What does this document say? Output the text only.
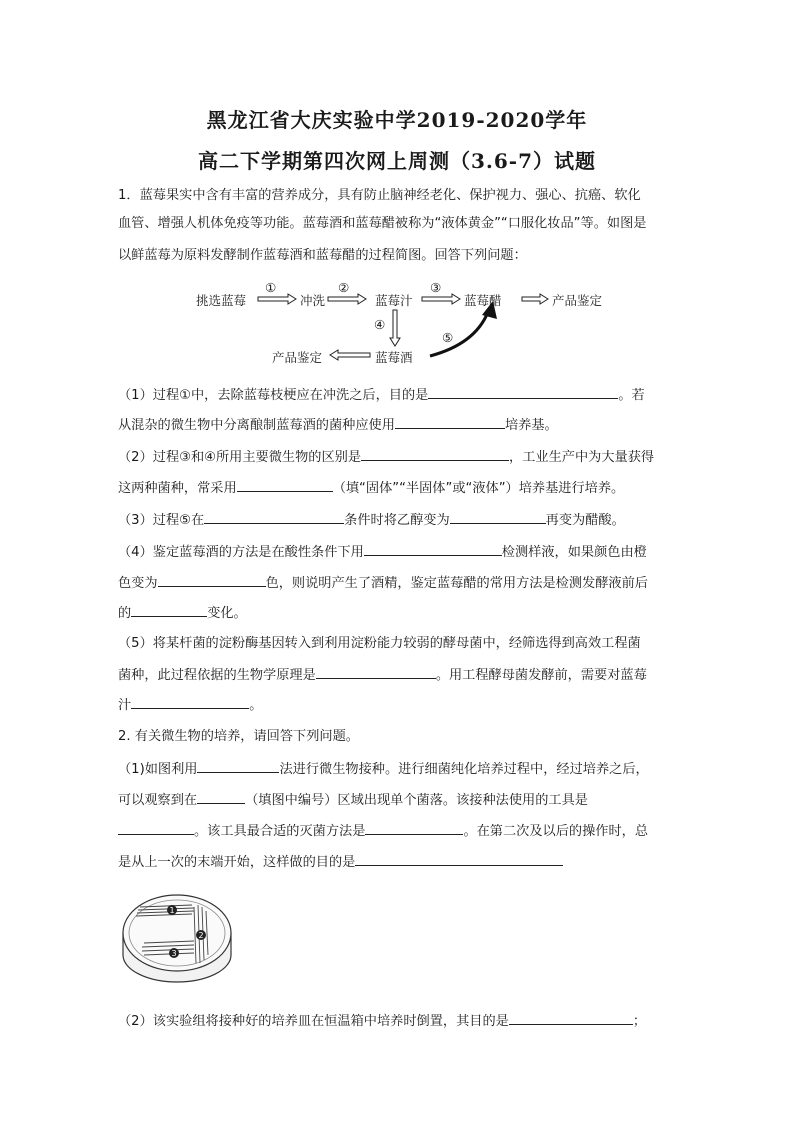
黑龙江省大庆实验中学2019-2020学年
高二下学期第四次网上周测（3.6-7）试题
1．蓝莓果实中含有丰富的营养成分，具有防止脑神经老化、保护视力、强心、抗癌、软化
血管、增强人机体免疫等功能。蓝莓酒和蓝莓醋被称为“液体黄金”“口服化妆品”等。如图是
以鲜蓝莓为原料发酵制作蓝莓酒和蓝莓醋的过程简图。回答下列问题：
挑选蓝莓
①
冲洗
②
蓝莓汁
③
蓝莓醋	产品鉴定
④
⑤
产品鉴定	蓝莓酒
（1）过程①中，去除蓝莓枝梗应在冲洗之后，目的是	。若
从混杂的微生物中分离酿制蓝莓酒的菌种应使用	培养基。
（2）过程③和④所用主要微生物的区别是	，工业生产中为大量获得
这两种菌种，常采用	（填“固体”“半固体”或“液体”）培养基进行培养。
（3）过程⑤在	条件时将乙醇变为	再变为醋酸。
（4）鉴定蓝莓酒的方法是在酸性条件下用	检测样液，如果颜色由橙
色变为	色，则说明产生了酒精，鉴定蓝莓醋的常用方法是检测发酵液前后
的	变化。
（5）将某杆菌的淀粉酶基因转入到利用淀粉能力较弱的酵母菌中，经筛选得到高效工程菌
菌种，此过程依据的生物学原理是	。用工程酵母菌发酵前，需要对蓝莓
汁	。
2. 有关微生物的培养，请回答下列问题。
（1)如图利用	法进行微生物接种。进行细菌纯化培养过程中，经过培养之后，
可以观察到在	（填图中编号）区域出现单个菌落。该接种法使用的工具是
。该工具最合适的灭菌方法是	。在第二次及以后的操作时，总
是从上一次的末端开始，这样做的目的是
1
2
3
（2）该实验组将接种好的培养皿在恒温箱中培养时倒置，其目的是	；
